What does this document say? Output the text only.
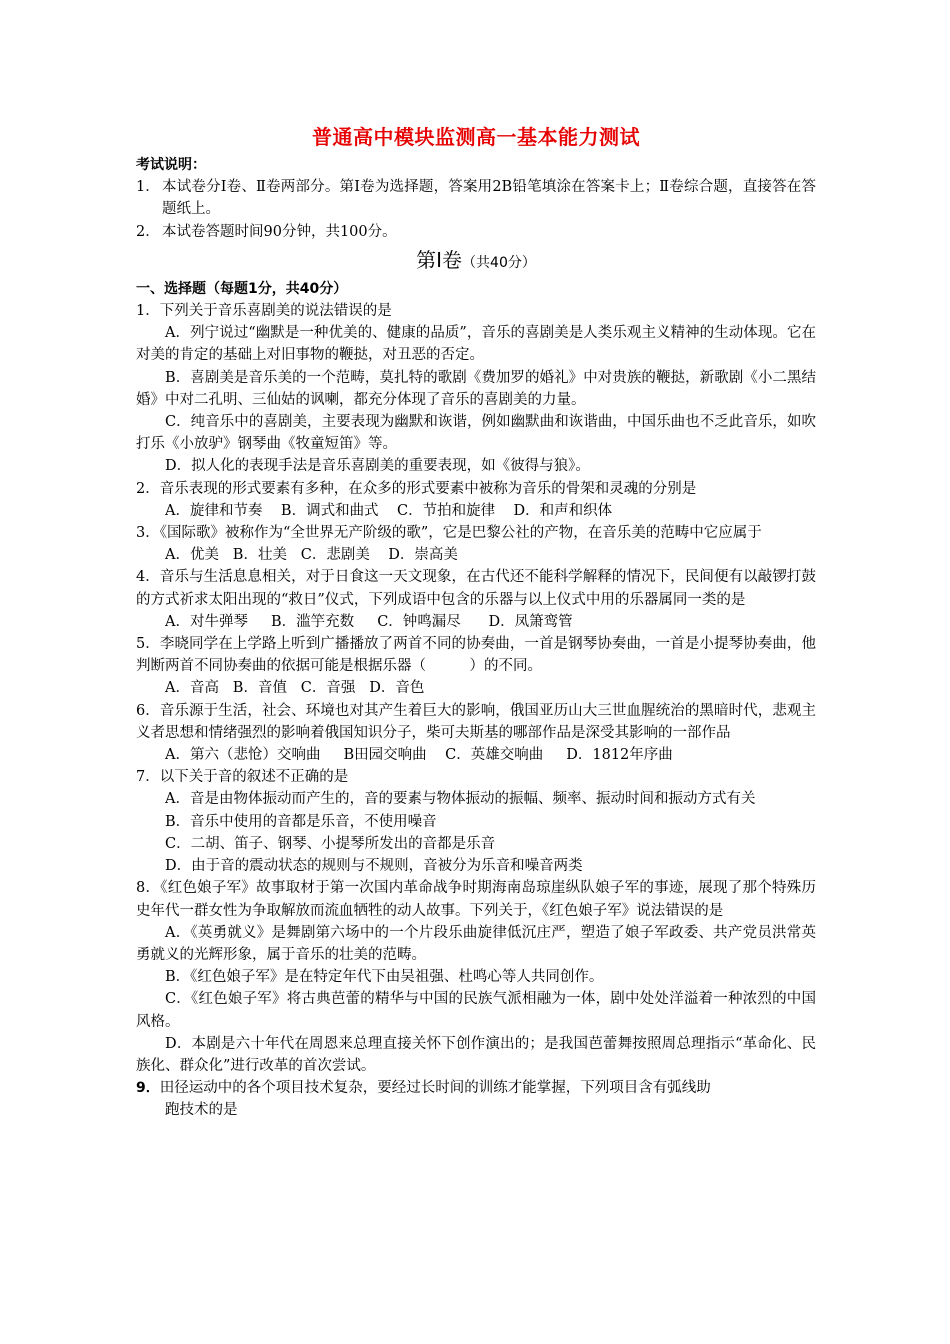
普通高中模块监测高一基本能力测试
考试说明：
1． 本试卷分Ⅰ卷、Ⅱ卷两部分。第Ⅰ卷为选择题，答案用2B铅笔填涂在答案卡上；Ⅱ卷综合题，直接答在答题纸上。
2． 本试卷答题时间90分钟，共100分。
第Ⅰ卷（共40分）
一、选择题（每题1分，共40分）
1．下列关于音乐喜剧美的说法错误的是
A．列宁说过“幽默是一种优美的、健康的品质”，音乐的喜剧美是人类乐观主义精神的生动体现。它在对美的肯定的基础上对旧事物的鞭挞，对丑恶的否定。
B．喜剧美是音乐美的一个范畴，莫扎特的歌剧《费加罗的婚礼》中对贵族的鞭挞，新歌剧《小二黑结婚》中对二孔明、三仙姑的讽喇，都充分体现了音乐的喜剧美的力量。
C．纯音乐中的喜剧美，主要表现为幽默和诙谐，例如幽默曲和诙谐曲，中国乐曲也不乏此音乐，如吹打乐《小放驴》钢琴曲《牧童短笛》等。
D．拟人化的表现手法是音乐喜剧美的重要表现，如《彼得与狼》。
2．音乐表现的形式要素有多种，在众多的形式要素中被称为音乐的骨架和灵魂的分别是
A．旋律和节奏    B．调式和曲式    C．节拍和旋律    D．和声和织体
3．《国际歌》被称作为“全世界无产阶级的歌”，它是巴黎公社的产物，在音乐美的范畴中它应属于
A．优美   B．壮美   C．悲剧美    D．崇高美
4．音乐与生活息息相关，对于日食这一天文现象，在古代还不能科学解释的情况下，民间便有以敲锣打鼓的方式祈求太阳出现的“救日”仪式，下列成语中包含的乐器与以上仪式中用的乐器属同一类的是
A．对牛弹琴     B．滥竽充数     C．钟鸣漏尽      D．凤箫鸾管
5．李晓同学在上学路上听到广播播放了两首不同的协奏曲，一首是钢琴协奏曲，一首是小提琴协奏曲，他判断两首不同协奏曲的依据可能是根据乐器（　　　）的不同。
A．音高   B．音值   C．音强   D．音色
6．音乐源于生活，社会、环境也对其产生着巨大的影响，俄国亚历山大三世血腥统治的黑暗时代，悲观主义者思想和情绪强烈的影响着俄国知识分子，柴可夫斯基的哪部作品是深受其影响的一部作品
A．第六（悲怆）交响曲     B田园交响曲    C．英雄交响曲     D．1812年序曲
7．以下关于音的叙述不正确的是
A．音是由物体振动而产生的，音的要素与物体振动的振幅、频率、振动时间和振动方式有关
B．音乐中使用的音都是乐音，不使用噪音
C．二胡、笛子、钢琴、小提琴所发出的音都是乐音
D．由于音的震动状态的规则与不规则，音被分为乐音和噪音两类
8．《红色娘子军》故事取材于第一次国内革命战争时期海南岛琼崖纵队娘子军的事迹，展现了那个特殊历史年代一群女性为争取解放而流血牺牲的动人故事。下列关于，《红色娘子军》说法错误的是
A．《英勇就义》是舞剧第六场中的一个片段乐曲旋律低沉庄严，塑造了娘子军政委、共产党员洪常英勇就义的光辉形象，属于音乐的壮美的范畴。
B．《红色娘子军》是在特定年代下由吴祖强、杜鸣心等人共同创作。
C．《红色娘子军》将古典芭蕾的精华与中国的民族气派相融为一体，剧中处处洋溢着一种浓烈的中国风格。
D．本剧是六十年代在周恩来总理直接关怀下创作演出的；是我国芭蕾舞按照周总理指示“革命化、民族化、群众化”进行改革的首次尝试。
9．田径运动中的各个项目技术复杂，要经过长时间的训练才能掌握，下列项目含有弧线助
跑技术的是
